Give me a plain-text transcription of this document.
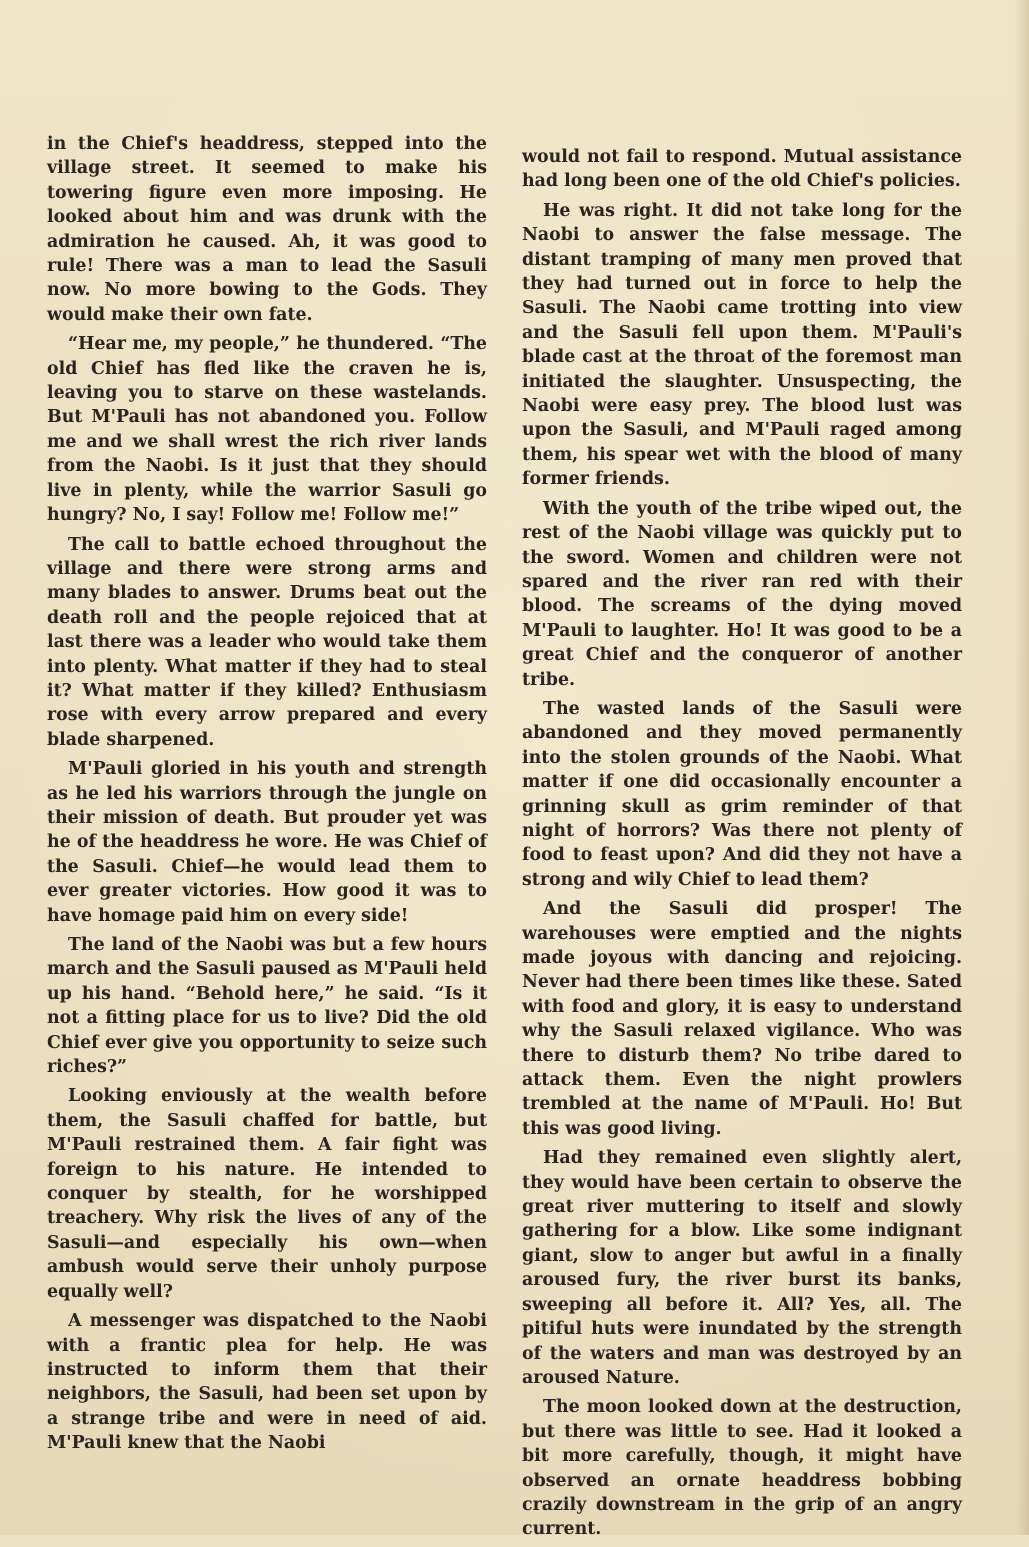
in the Chief's headdress, stepped into the village street. It seemed to make his towering figure even more imposing. He looked about him and was drunk with the admiration he caused. Ah, it was good to rule! There was a man to lead the Sasuli now. No more bowing to the Gods. They would make their own fate.

“Hear me, my people,” he thundered. “The old Chief has fled like the craven he is, leaving you to starve on these wastelands. But M'Pauli has not abandoned you. Follow me and we shall wrest the rich river lands from the Naobi. Is it just that they should live in plenty, while the warrior Sasuli go hungry? No, I say! Follow me! Follow me!”

The call to battle echoed throughout the village and there were strong arms and many blades to answer. Drums beat out the death roll and the people rejoiced that at last there was a leader who would take them into plenty. What matter if they had to steal it? What matter if they killed? Enthusiasm rose with every arrow prepared and every blade sharpened.

M'Pauli gloried in his youth and strength as he led his warriors through the jungle on their mission of death. But prouder yet was he of the headdress he wore. He was Chief of the Sasuli. Chief—he would lead them to ever greater victories. How good it was to have homage paid him on every side!

The land of the Naobi was but a few hours march and the Sasuli paused as M'Pauli held up his hand. “Behold here,” he said. “Is it not a fitting place for us to live? Did the old Chief ever give you opportunity to seize such riches?”

Looking enviously at the wealth before them, the Sasuli chaffed for battle, but M'Pauli restrained them. A fair fight was foreign to his nature. He intended to conquer by stealth, for he worshipped treachery. Why risk the lives of any of the Sasuli—and especially his own—when ambush would serve their unholy purpose equally well?

A messenger was dispatched to the Naobi with a frantic plea for help. He was instructed to inform them that their neighbors, the Sasuli, had been set upon by a strange tribe and were in need of aid. M'Pauli knew that the Naobi

would not fail to respond. Mutual assistance had long been one of the old Chief's policies.

He was right. It did not take long for the Naobi to answer the false message. The distant tramping of many men proved that they had turned out in force to help the Sasuli. The Naobi came trotting into view and the Sasuli fell upon them. M'Pauli's blade cast at the throat of the foremost man initiated the slaughter. Unsuspecting, the Naobi were easy prey. The blood lust was upon the Sasuli, and M'Pauli raged among them, his spear wet with the blood of many former friends.

With the youth of the tribe wiped out, the rest of the Naobi village was quickly put to the sword. Women and children were not spared and the river ran red with their blood. The screams of the dying moved M'Pauli to laughter. Ho! It was good to be a great Chief and the conqueror of another tribe.

The wasted lands of the Sasuli were abandoned and they moved permanently into the stolen grounds of the Naobi. What matter if one did occasionally encounter a grinning skull as grim reminder of that night of horrors? Was there not plenty of food to feast upon? And did they not have a strong and wily Chief to lead them?

And the Sasuli did prosper! The warehouses were emptied and the nights made joyous with dancing and rejoicing. Never had there been times like these. Sated with food and glory, it is easy to understand why the Sasuli relaxed vigilance. Who was there to disturb them? No tribe dared to attack them. Even the night prowlers trembled at the name of M'Pauli. Ho! But this was good living.

Had they remained even slightly alert, they would have been certain to observe the great river muttering to itself and slowly gathering for a blow. Like some indignant giant, slow to anger but awful in a finally aroused fury, the river burst its banks, sweeping all before it. All? Yes, all. The pitiful huts were inundated by the strength of the waters and man was destroyed by an aroused Nature.

The moon looked down at the destruction, but there was little to see. Had it looked a bit more carefully, though, it might have observed an ornate headdress bobbing crazily downstream in the grip of an angry current.
